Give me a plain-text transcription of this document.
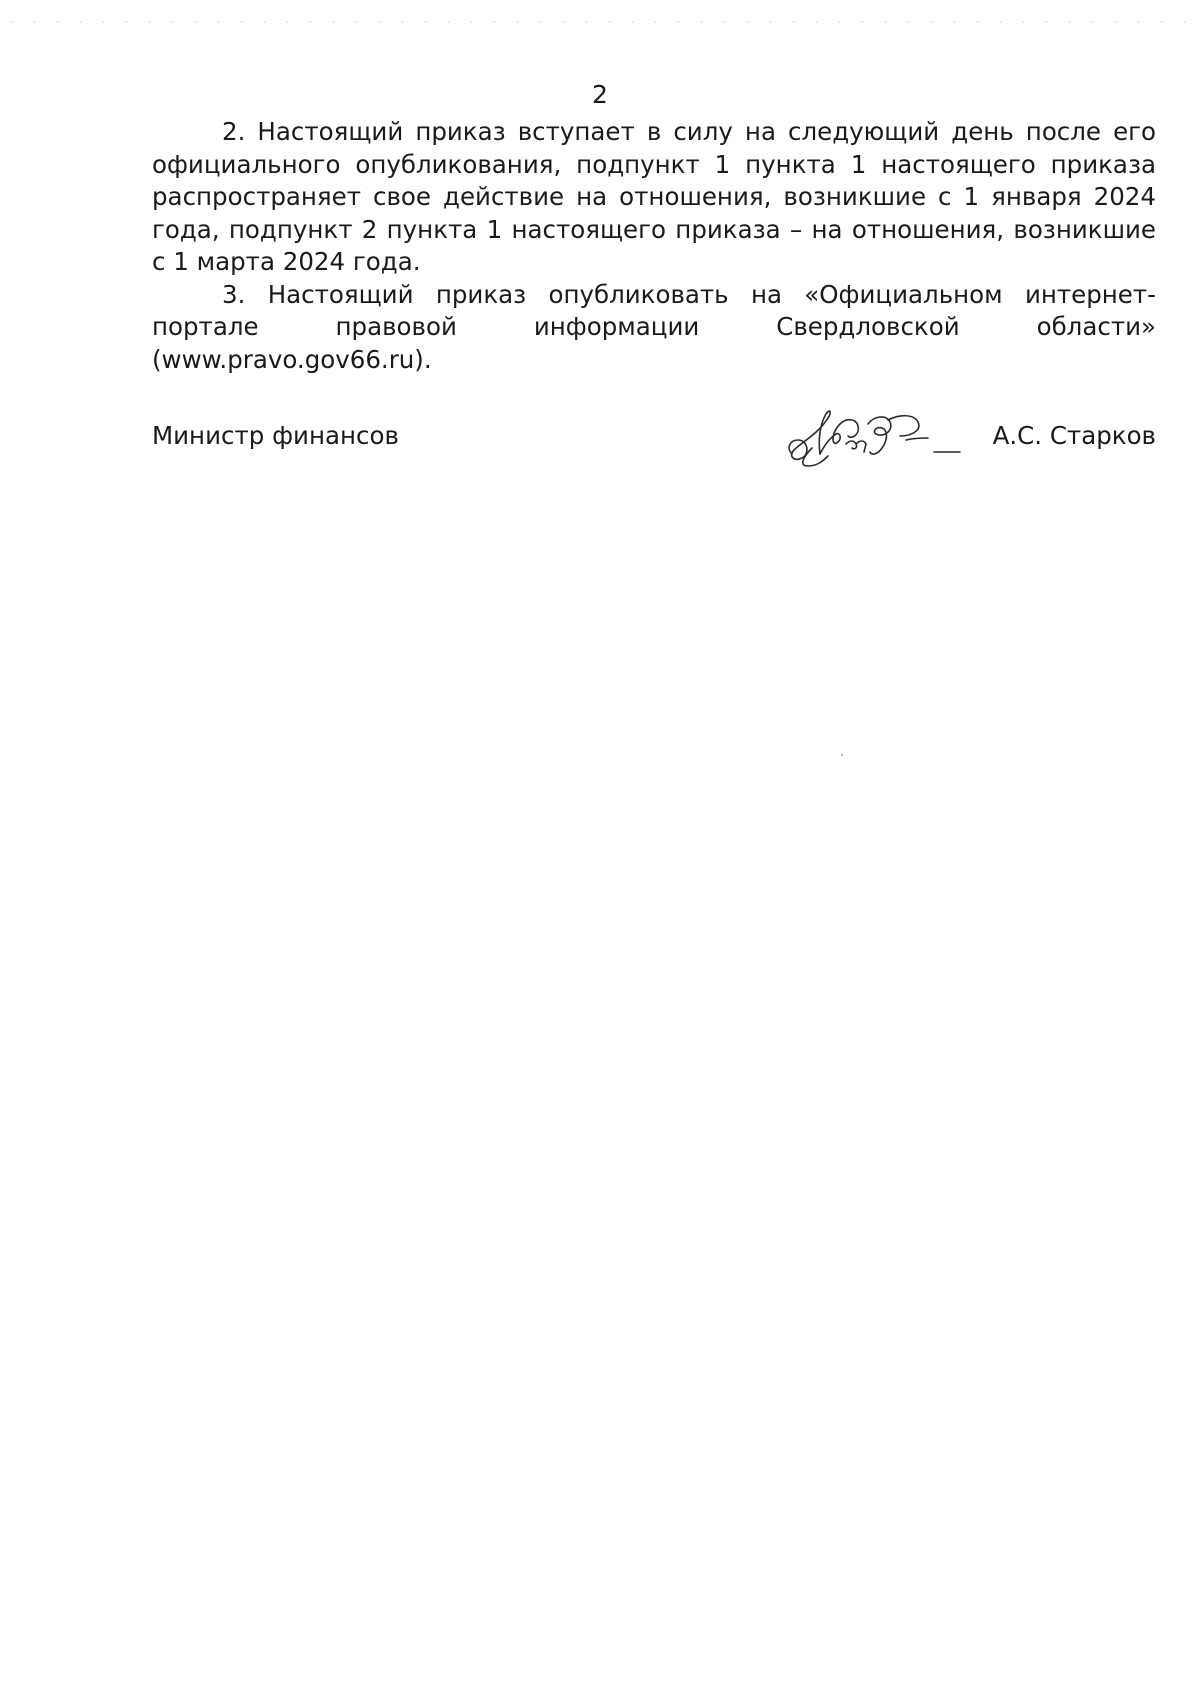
2

2. Настоящий приказ вступает в силу на следующий день после его официального опубликования, подпункт 1 пункта 1 настоящего приказа распространяет свое действие на отношения, возникшие с 1 января 2024 года, подпункт 2 пункта 1 настоящего приказа – на отношения, возникшие с 1 марта 2024 года.

3. Настоящий приказ опубликовать на «Официальном интернет-портале правовой информации Свердловской области» (www.pravo.gov66.ru).

Министр финансов	А.С. Старков
